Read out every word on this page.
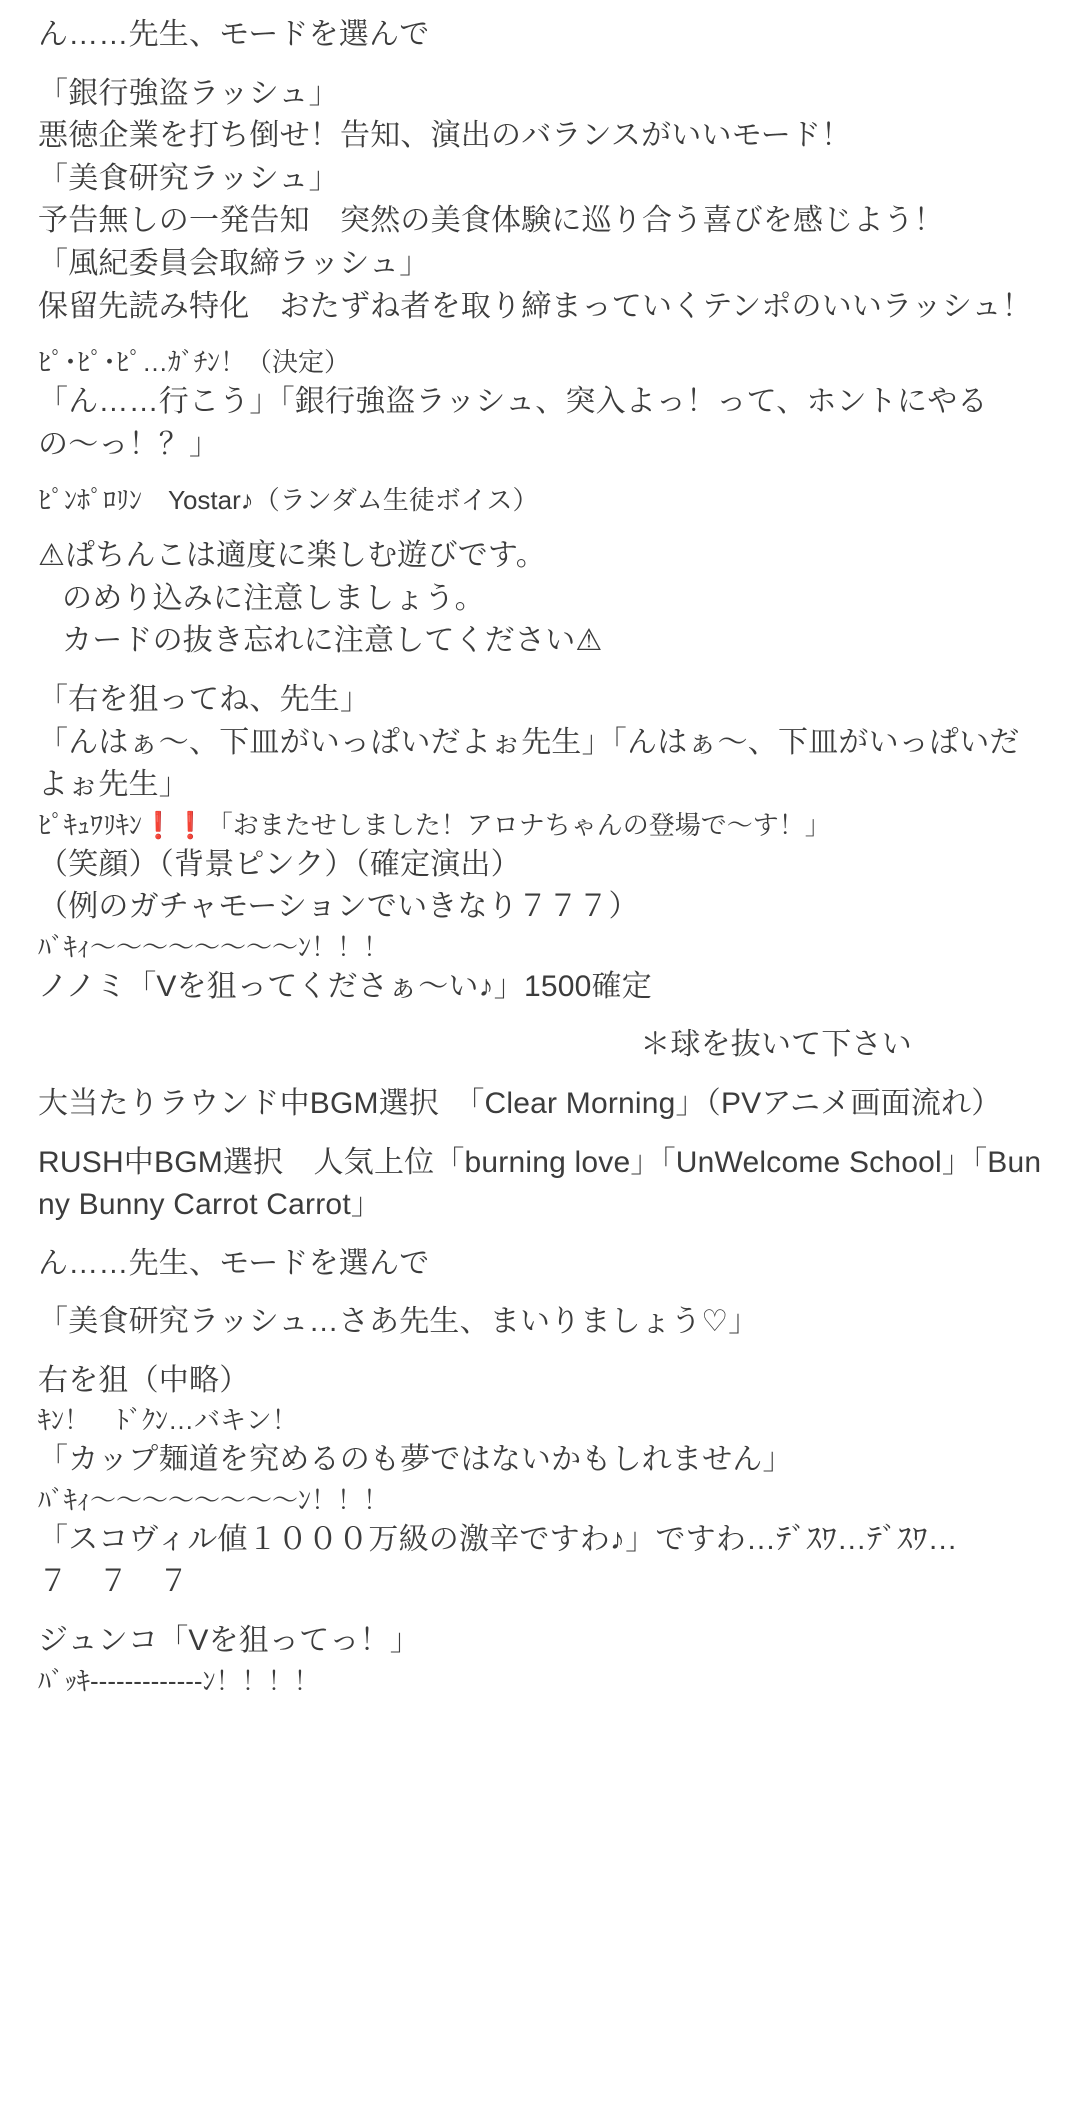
ん……先生、モードを選んで
「銀行強盗ラッシュ」
悪徳企業を打ち倒せ！告知、演出のバランスがいいモード！
「美食研究ラッシュ」
予告無しの一発告知　突然の美食体験に巡り合う喜びを感じよう！
「風紀委員会取締ラッシュ」
保留先読み特化　おたずね者を取り締まっていくテンポのいいラッシュ！
ﾋﾟ･ﾋﾟ･ﾋﾟ…ｶﾞﾁﾝ！（決定）
「ん……行こう」「銀行強盗ラッシュ、突入よっ！って、ホントにやるの〜っ！？」
ﾋﾟﾝﾎﾟﾛﾘﾝ　Yostar♪（ランダム生徒ボイス）
⚠ぱちんこは適度に楽しむ遊びです。
のめり込みに注意しましょう。
カードの抜き忘れに注意してください⚠
「右を狙ってね、先生」
「んはぁ〜、下皿がいっぱいだよぉ先生」「んはぁ〜、下皿がいっぱいだよぉ先生」
ﾋﾟｷｭﾜﾘｷﾝ❗❗「おまたせしました！アロナちゃんの登場で〜す！」
（笑顔）（背景ピンク）（確定演出）
（例のガチャモーションでいきなり７７７）
ﾊﾞｷｨ〜〜〜〜〜〜〜〜ﾝ！！！
ノノミ「Vを狙ってくださぁ〜い♪」1500確定
＊球を抜いて下さい
大当たりラウンド中BGM選択　「Clear Morning」（PVアニメ画面流れ）
RUSH中BGM選択　人気上位「burning love」「UnWelcome School」「Bunny Bunny Carrot Carrot」
ん……先生、モードを選んで
「美食研究ラッシュ…さあ先生、まいりましょう♡」
右を狙（中略）
ｷﾝ！　ﾄﾞｸﾝ…バキン！
「カップ麺道を究めるのも夢ではないかもしれません」
ﾊﾞｷｨ〜〜〜〜〜〜〜〜ﾝ！！！
「スコヴィル値１０００万級の激辛ですわ♪」ですわ…ﾃﾞｽﾜ…ﾃﾞｽﾜ…
７　７　７
ジュンコ「Vを狙ってっ！」
ﾊﾞｯｷ-------------ﾝ！！！！
